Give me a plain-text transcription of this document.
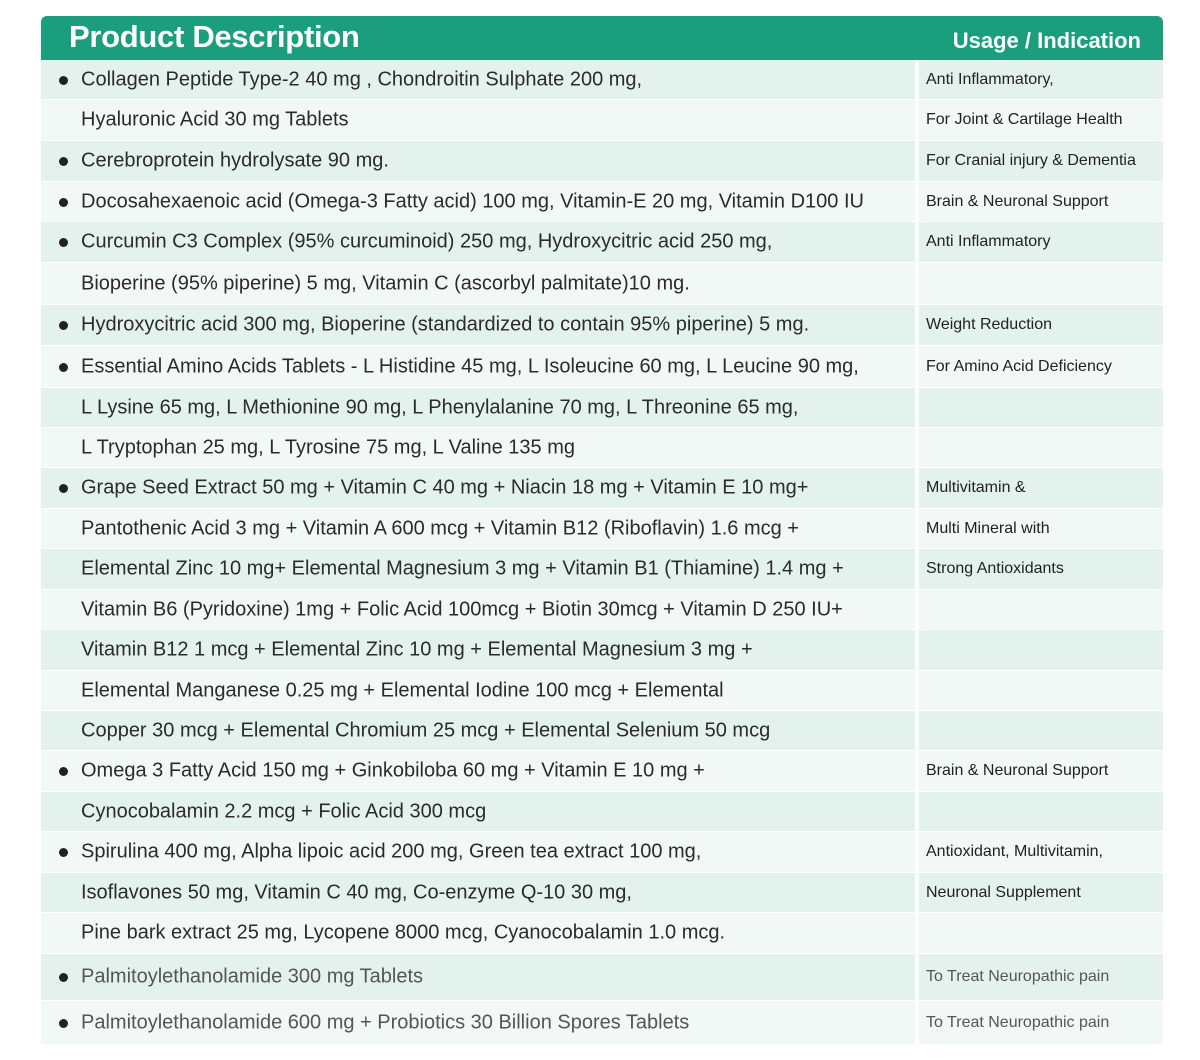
Product Description	Usage / Indication
Collagen Peptide Type-2 40 mg , Chondroitin Sulphate 200 mg,	Anti Inflammatory,
Hyaluronic Acid 30 mg Tablets	For Joint & Cartilage Health
Cerebroprotein hydrolysate 90 mg.	For Cranial injury & Dementia
Docosahexaenoic acid (Omega-3 Fatty acid) 100 mg, Vitamin-E 20 mg, Vitamin D100 IU	Brain & Neuronal Support
Curcumin C3 Complex (95% curcuminoid) 250 mg, Hydroxycitric acid 250 mg,	Anti Inflammatory
Bioperine (95% piperine) 5 mg, Vitamin C (ascorbyl palmitate)10 mg.
Hydroxycitric acid 300 mg, Bioperine (standardized to contain 95% piperine) 5 mg.	Weight Reduction
Essential Amino Acids Tablets - L Histidine 45 mg, L Isoleucine 60 mg, L Leucine 90 mg,	For Amino Acid Deficiency
L Lysine 65 mg, L Methionine 90 mg, L Phenylalanine 70 mg, L Threonine 65 mg,
L Tryptophan 25 mg, L Tyrosine 75 mg, L Valine 135 mg
Grape Seed Extract 50 mg + Vitamin C 40 mg + Niacin 18 mg + Vitamin E 10 mg+	Multivitamin &
Pantothenic Acid 3 mg + Vitamin A 600 mcg + Vitamin B12 (Riboflavin) 1.6 mcg +	Multi Mineral with
Elemental Zinc 10 mg+ Elemental Magnesium 3 mg + Vitamin B1 (Thiamine) 1.4 mg +	Strong Antioxidants
Vitamin B6 (Pyridoxine) 1mg + Folic Acid 100mcg + Biotin 30mcg + Vitamin D 250 IU+
Vitamin B12 1 mcg + Elemental Zinc 10 mg + Elemental Magnesium 3 mg +
Elemental Manganese 0.25 mg + Elemental Iodine 100 mcg + Elemental
Copper 30 mcg + Elemental Chromium 25 mcg + Elemental Selenium 50 mcg
Omega 3 Fatty Acid 150 mg + Ginkobiloba 60 mg + Vitamin E 10 mg +	Brain & Neuronal Support
Cynocobalamin 2.2 mcg + Folic Acid 300 mcg
Spirulina 400 mg, Alpha lipoic acid 200 mg, Green tea extract 100 mg,	Antioxidant, Multivitamin,
Isoflavones 50 mg, Vitamin C 40 mg, Co-enzyme Q-10 30 mg,	Neuronal Supplement
Pine bark extract 25 mg, Lycopene 8000 mcg, Cyanocobalamin 1.0 mcg.
Palmitoylethanolamide 300 mg Tablets	To Treat Neuropathic pain
Palmitoylethanolamide 600 mg + Probiotics 30 Billion Spores Tablets	To Treat Neuropathic pain
